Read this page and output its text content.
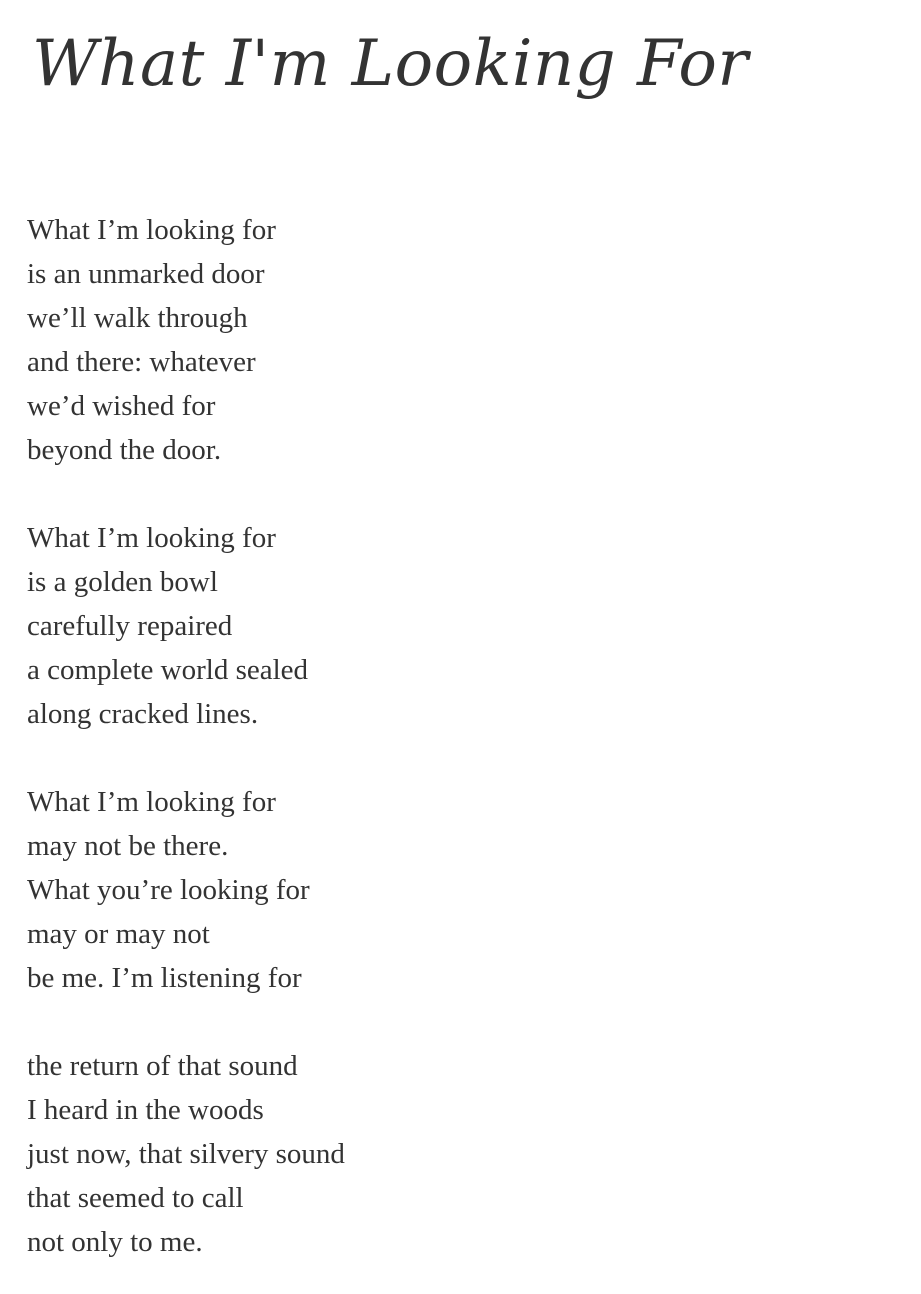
What I'm Looking For

What I’m looking for
is an unmarked door
we’ll walk through
and there: whatever
we’d wished for
beyond the door.

What I’m looking for
is a golden bowl
carefully repaired
a complete world sealed
along cracked lines.

What I’m looking for
may not be there.
What you’re looking for
may or may not
be me. I’m listening for

the return of that sound
I heard in the woods
just now, that silvery sound
that seemed to call
not only to me.
